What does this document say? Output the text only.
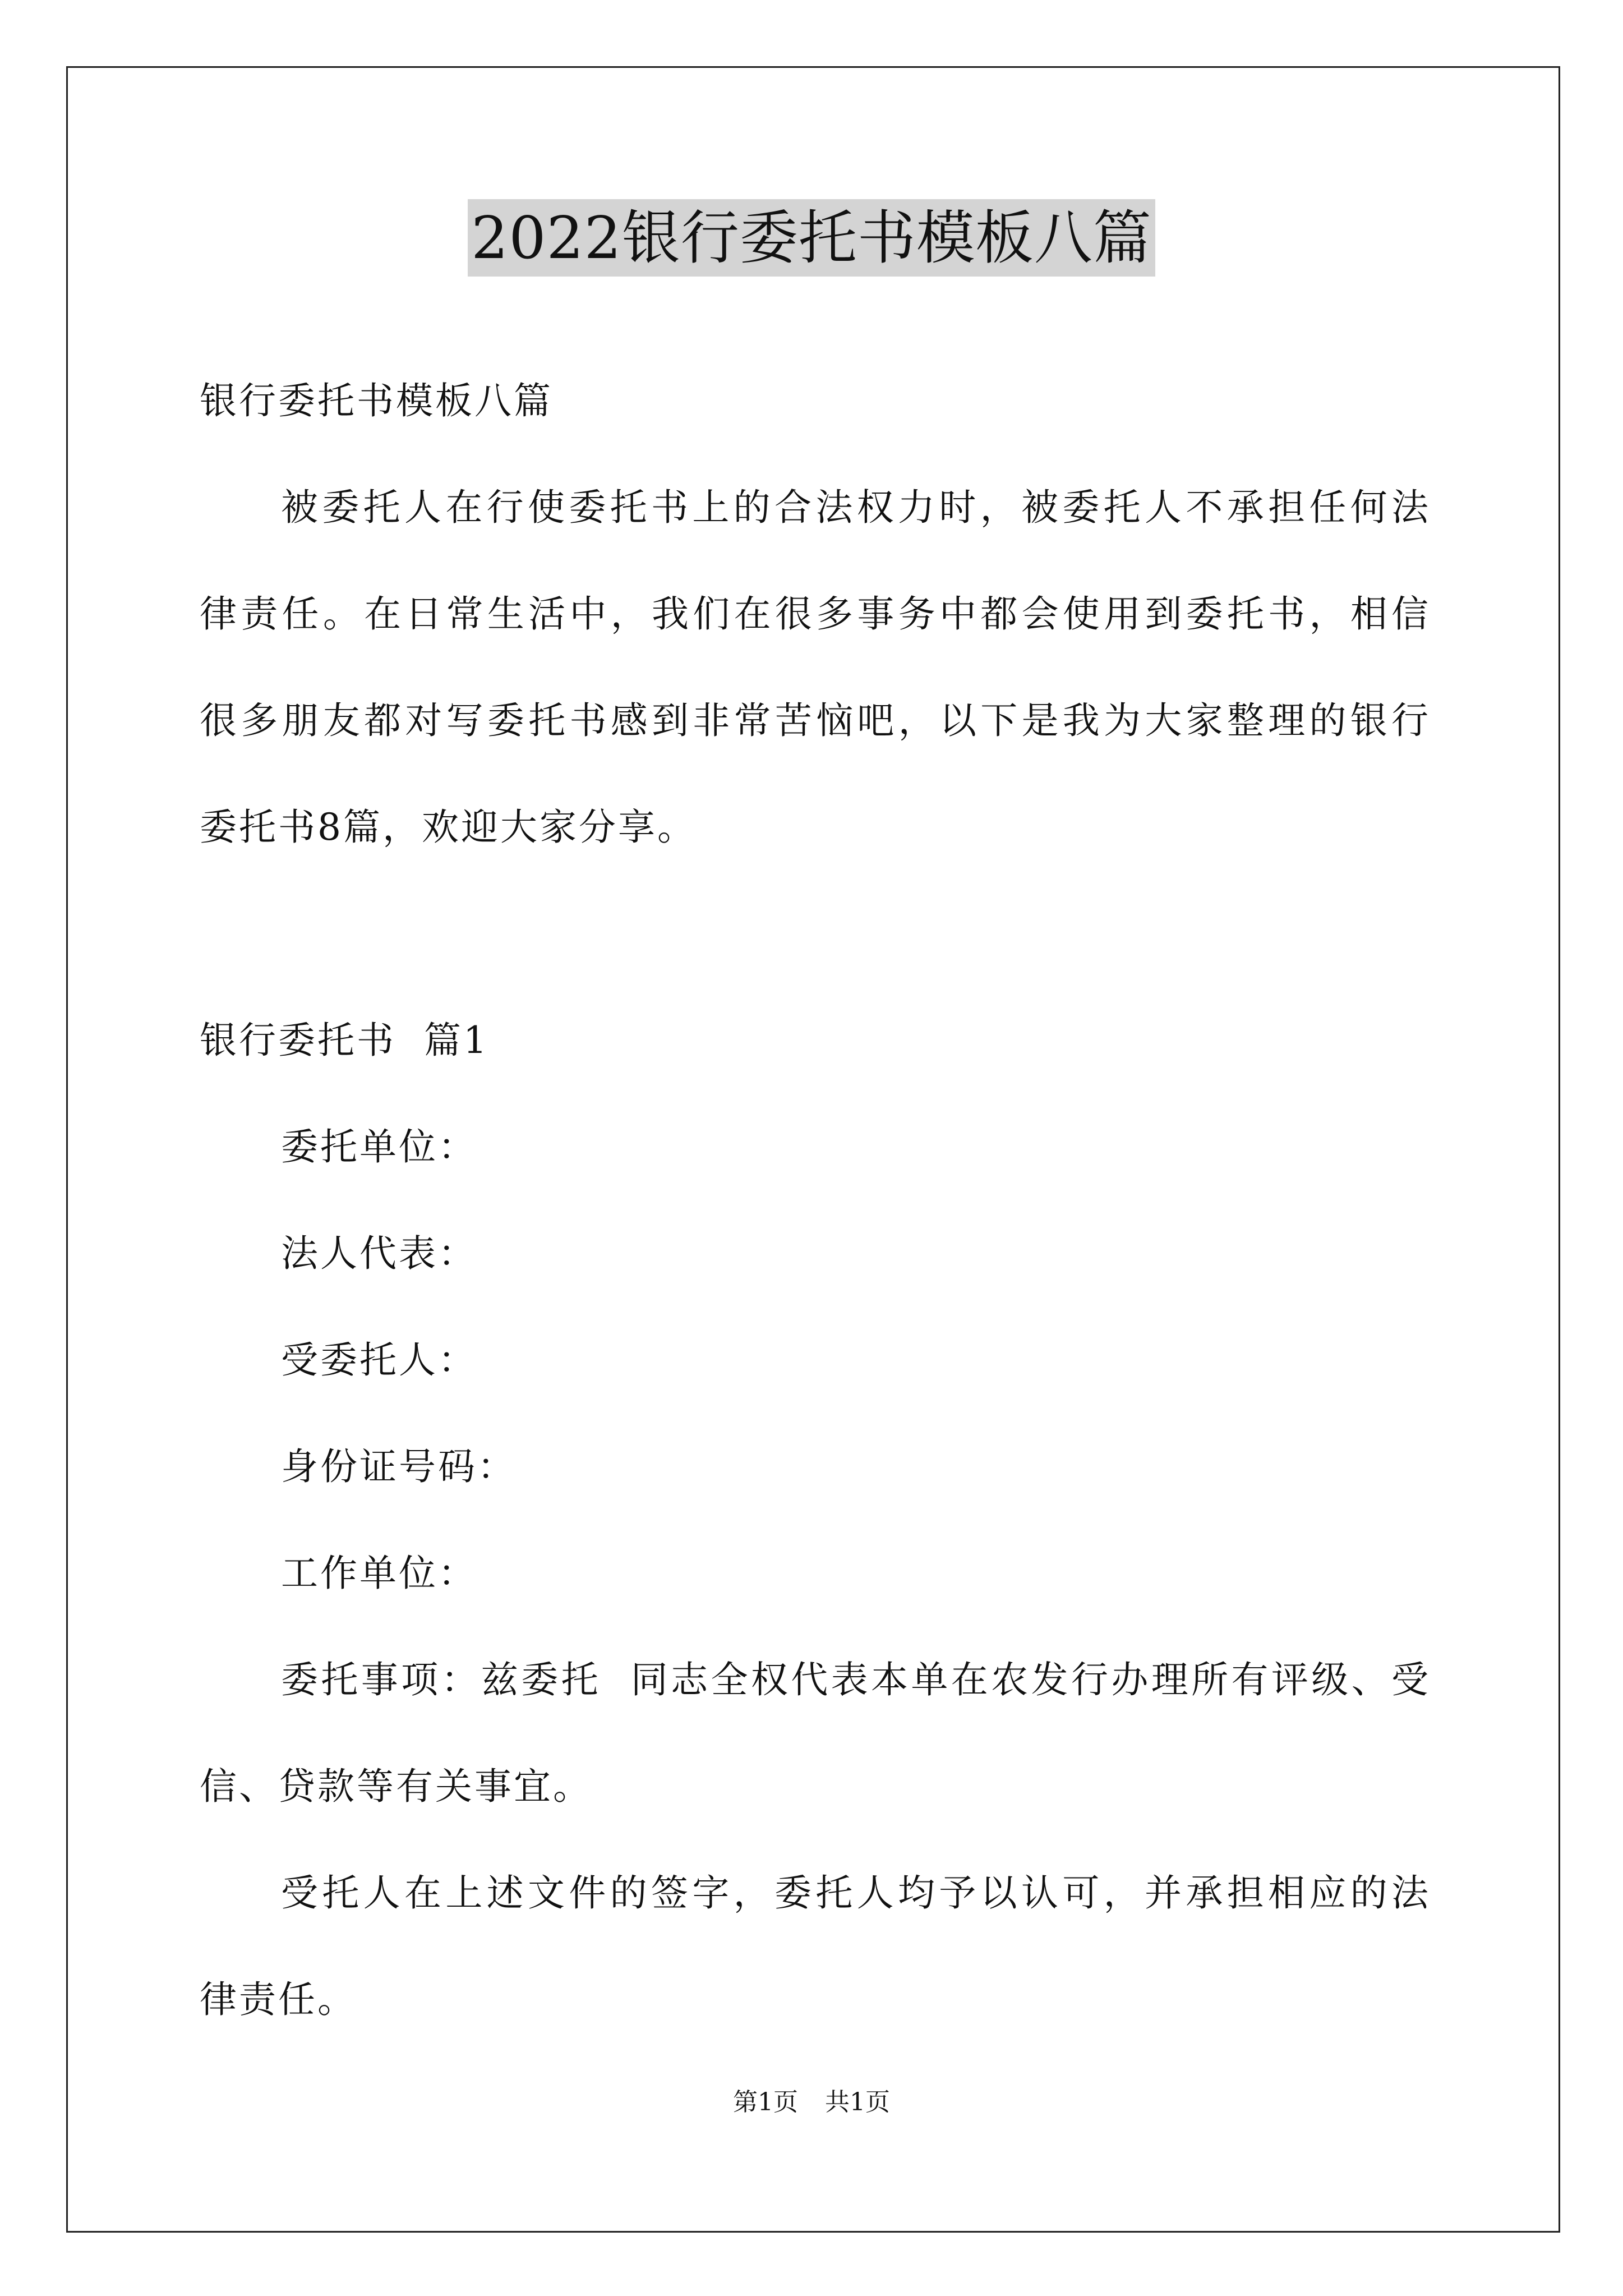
2022银行委托书模板八篇
银行委托书模板八篇
被委托人在行使委托书上的合法权力时，被委托人不承担任何法
律责任。在日常生活中，我们在很多事务中都会使用到委托书，相信
很多朋友都对写委托书感到非常苦恼吧，以下是我为大家整理的银行
委托书8篇，欢迎大家分享。
银行委托书  篇1
委托单位：
法人代表：
受委托人：
身份证号码：
工作单位：
委托事项：兹委托  同志全权代表本单在农发行办理所有评级、受
信、贷款等有关事宜。
受托人在上述文件的签字，委托人均予以认可，并承担相应的法
律责任。
第1页 共1页
